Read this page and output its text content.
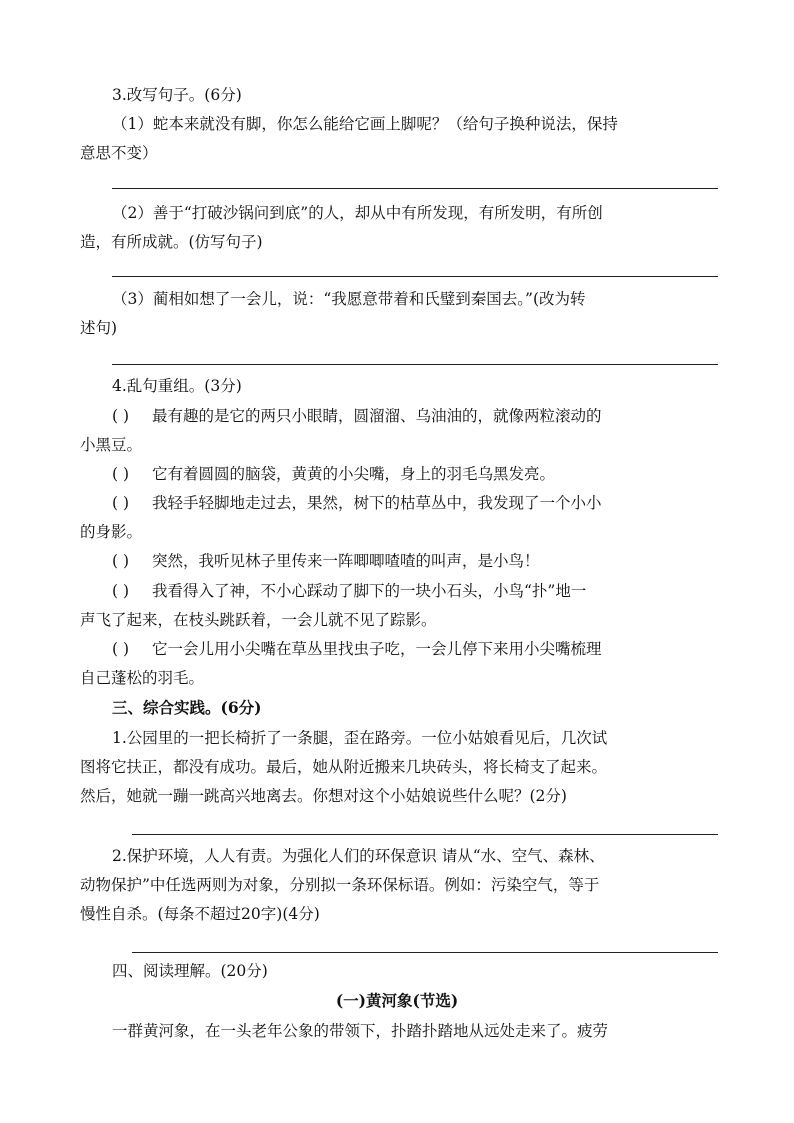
3.改写句子。(6分)
（1）蛇本来就没有脚，你怎么能给它画上脚呢？（给句子换种说法，保持
意思不变）
（2）善于“打破沙锅问到底”的人，却从中有所发现，有所发明，有所创
造，有所成就。(仿写句子)
（3）蔺相如想了一会儿，说：“我愿意带着和氏璧到秦国去。”(改为转
述句)
4.乱句重组。(3分)
( ) 最有趣的是它的两只小眼睛，圆溜溜、乌油油的，就像两粒滚动的
小黑豆。
( ) 它有着圆圆的脑袋，黄黄的小尖嘴，身上的羽毛乌黑发亮。
( ) 我轻手轻脚地走过去，果然，树下的枯草丛中，我发现了一个小小
的身影。
( ) 突然，我听见林子里传来一阵唧唧喳喳的叫声，是小鸟！
( ) 我看得入了神，不小心踩动了脚下的一块小石头，小鸟“扑”地一
声飞了起来，在枝头跳跃着，一会儿就不见了踪影。
( ) 它一会儿用小尖嘴在草丛里找虫子吃，一会儿停下来用小尖嘴梳理
自己蓬松的羽毛。
三、综合实践。(6分)
1.公园里的一把长椅折了一条腿，歪在路旁。一位小姑娘看见后，几次试
图将它扶正，都没有成功。最后，她从附近搬来几块砖头，将长椅支了起来。
然后，她就一蹦一跳高兴地离去。你想对这个小姑娘说些什么呢？(2分)
2.保护环境，人人有责。为强化人们的环保意识 请从“水、空气、森林、
动物保护”中任选两则为对象，分别拟一条环保标语。例如：污染空气，等于
慢性自杀。(每条不超过20字)(4分)
四、阅读理解。(20分)
(一)黄河象(节选)
一群黄河象，在一头老年公象的带领下，扑踏扑踏地从远处走来了。疲劳
